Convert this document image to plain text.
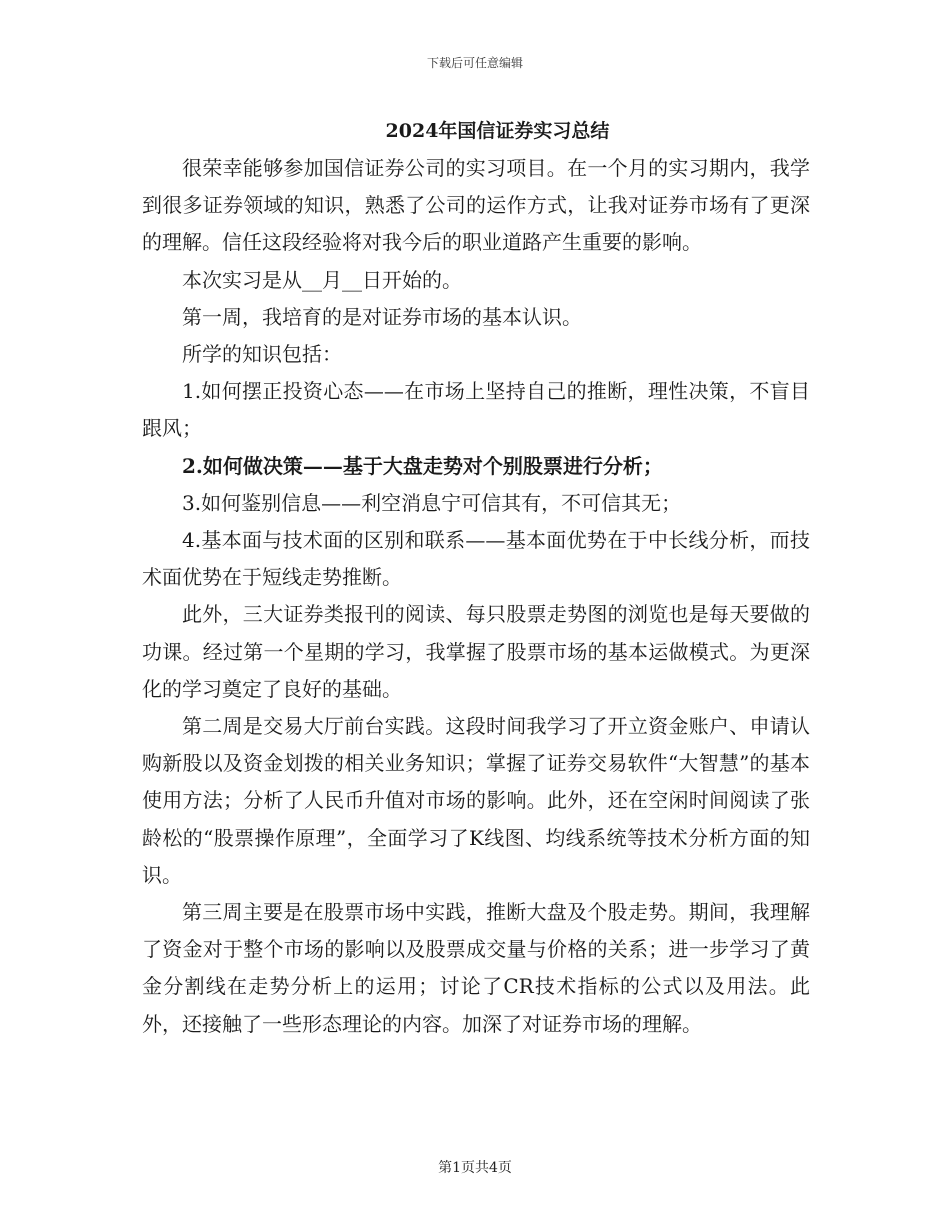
下载后可任意编辑
2024年国信证券实习总结

很荣幸能够参加国信证券公司的实习项目。在一个月的实习期内，我学到很多证券领域的知识，熟悉了公司的运作方式，让我对证券市场有了更深的理解。信任这段经验将对我今后的职业道路产生重要的影响。

本次实习是从__月__日开始的。

第一周，我培育的是对证券市场的基本认识。

所学的知识包括：

1.如何摆正投资心态——在市场上坚持自己的推断，理性决策，不盲目跟风；

2.如何做决策——基于大盘走势对个别股票进行分析；

3.如何鉴别信息——利空消息宁可信其有，不可信其无；

4.基本面与技术面的区别和联系——基本面优势在于中长线分析，而技术面优势在于短线走势推断。

此外，三大证券类报刊的阅读、每只股票走势图的浏览也是每天要做的功课。经过第一个星期的学习，我掌握了股票市场的基本运做模式。为更深化的学习奠定了良好的基础。

第二周是交易大厅前台实践。这段时间我学习了开立资金账户、申请认购新股以及资金划拨的相关业务知识；掌握了证券交易软件“大智慧”的基本使用方法；分析了人民币升值对市场的影响。此外，还在空闲时间阅读了张龄松的“股票操作原理”，全面学习了K线图、均线系统等技术分析方面的知识。

第三周主要是在股票市场中实践，推断大盘及个股走势。期间，我理解了资金对于整个市场的影响以及股票成交量与价格的关系；进一步学习了黄金分割线在走势分析上的运用；讨论了CR技术指标的公式以及用法。此外，还接触了一些形态理论的内容。加深了对证券市场的理解。

第1页共4页
